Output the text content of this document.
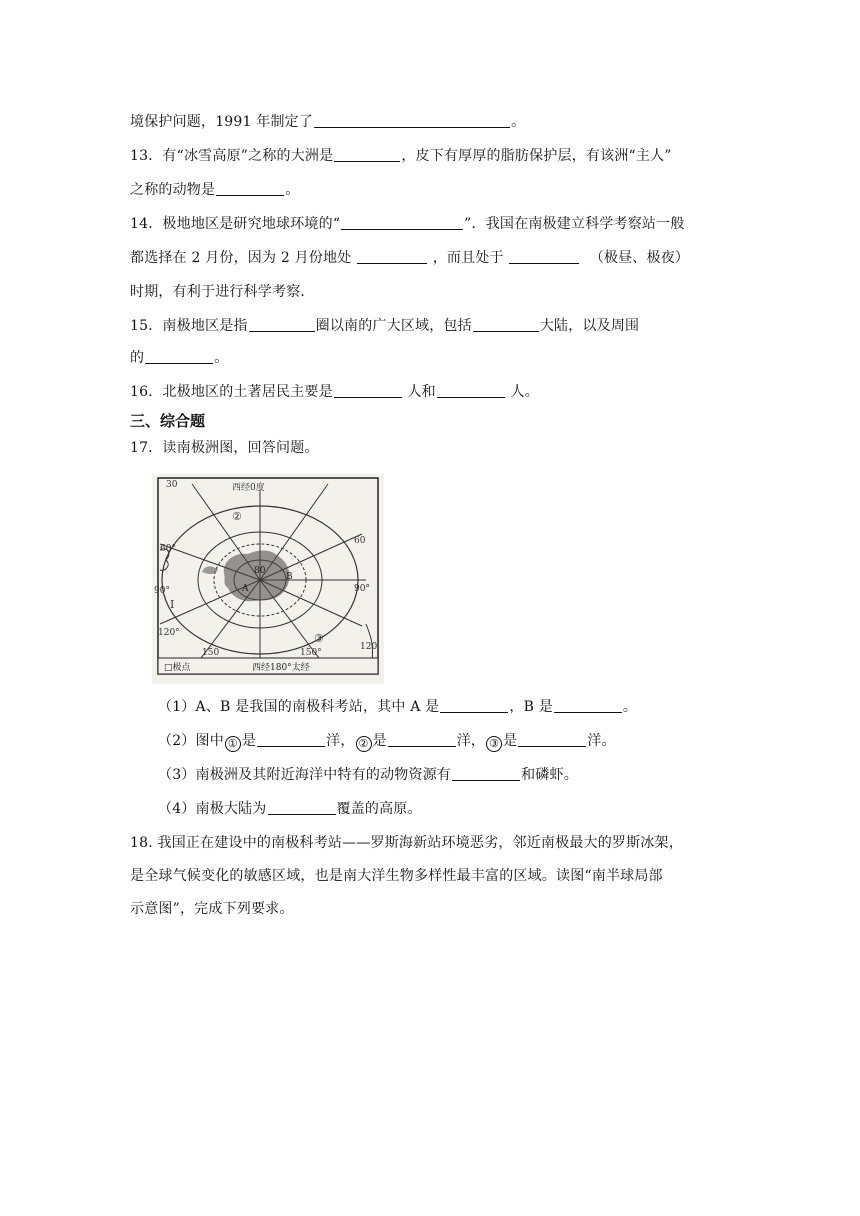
境保护问题，1991 年制定了	。
13．有“冰雪高原”之称的大洲是	，皮下有厚厚的脂肪保护层，有该洲“主人”
之称的动物是	。
14．极地地区是研究地球环境的“	”．我国在南极建立科学考察站一般
都选择在 2 月份，因为 2 月份地处	，而且处于	（极昼、极夜）
时期，有利于进行科学考察.
15．南极地区是指	圈以南的广大区域，包括	大陆，以及周围
的	。
16．北极地区的土著居民主要是	人和	人。
三、综合题
17．读南极洲图，回答问题。
西经0度
30
60
60°
90°	90°
120°
120
150	150°
80
A
B
②
Ⅰ
③
□极点	西经180°太经
（1）A、B 是我国的南极科考站，其中 A 是	，B 是	。
（2）图中 ① 是	洋， ② 是	洋， ③ 是	洋。
（3）南极洲及其附近海洋中特有的动物资源有	和磷虾。
（4）南极大陆为	覆盖的高原。
18. 我国正在建设中的南极科考站——罗斯海新站环境恶劣，邻近南极最大的罗斯冰架，
是全球气候变化的敏感区域，也是南大洋生物多样性最丰富的区域。读图“南半球局部
示意图”，完成下列要求。
